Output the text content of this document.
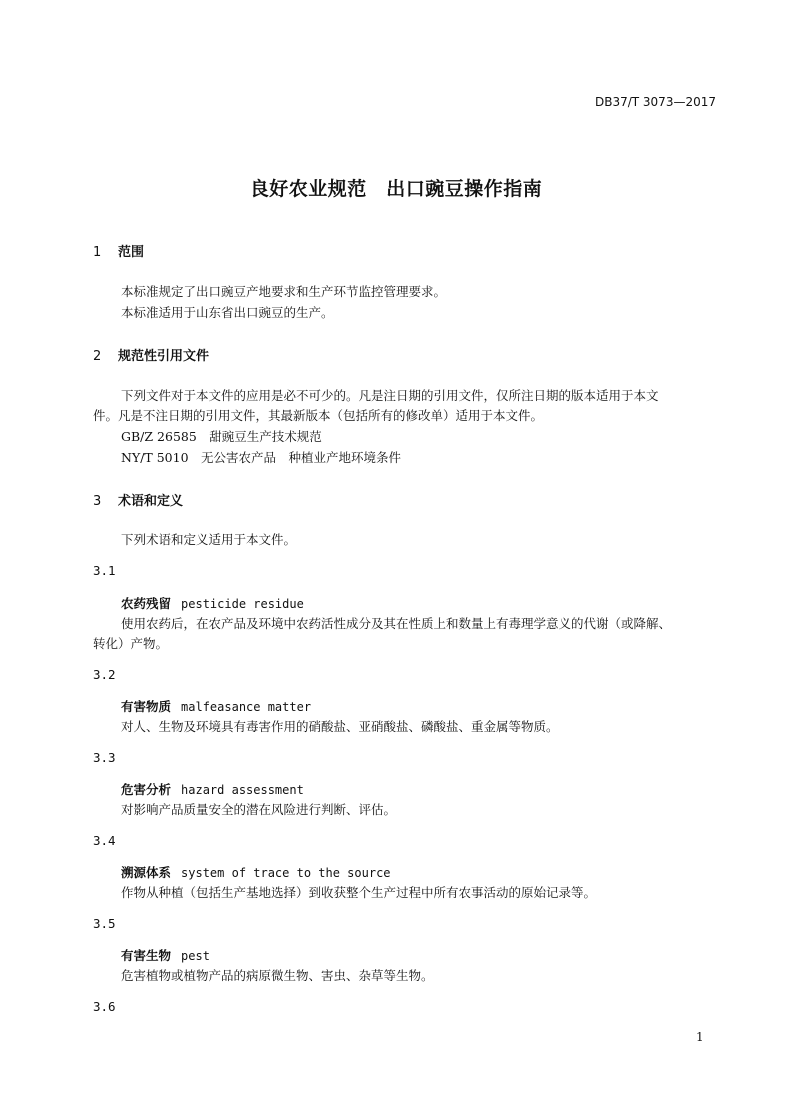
DB37/T 3073—2017
良好农业规范　出口豌豆操作指南
1 范围
本标准规定了出口豌豆产地要求和生产环节监控管理要求。
本标准适用于山东省出口豌豆的生产。
2 规范性引用文件
下列文件对于本文件的应用是必不可少的。凡是注日期的引用文件，仅所注日期的版本适用于本文
件。凡是不注日期的引用文件，其最新版本（包括所有的修改单）适用于本文件。
GB/Z 26585　甜豌豆生产技术规范
NY/T 5010　无公害农产品　种植业产地环境条件
3 术语和定义
下列术语和定义适用于本文件。
3.1
农药残留 pesticide residue
使用农药后，在农产品及环境中农药活性成分及其在性质上和数量上有毒理学意义的代谢（或降解、
转化）产物。
3.2
有害物质 malfeasance matter
对人、生物及环境具有毒害作用的硝酸盐、亚硝酸盐、磷酸盐、重金属等物质。
3.3
危害分析 hazard assessment
对影响产品质量安全的潜在风险进行判断、评估。
3.4
溯源体系 system of trace to the source
作物从种植（包括生产基地选择）到收获整个生产过程中所有农事活动的原始记录等。
3.5
有害生物 pest
危害植物或植物产品的病原微生物、害虫、杂草等生物。
3.6
1
